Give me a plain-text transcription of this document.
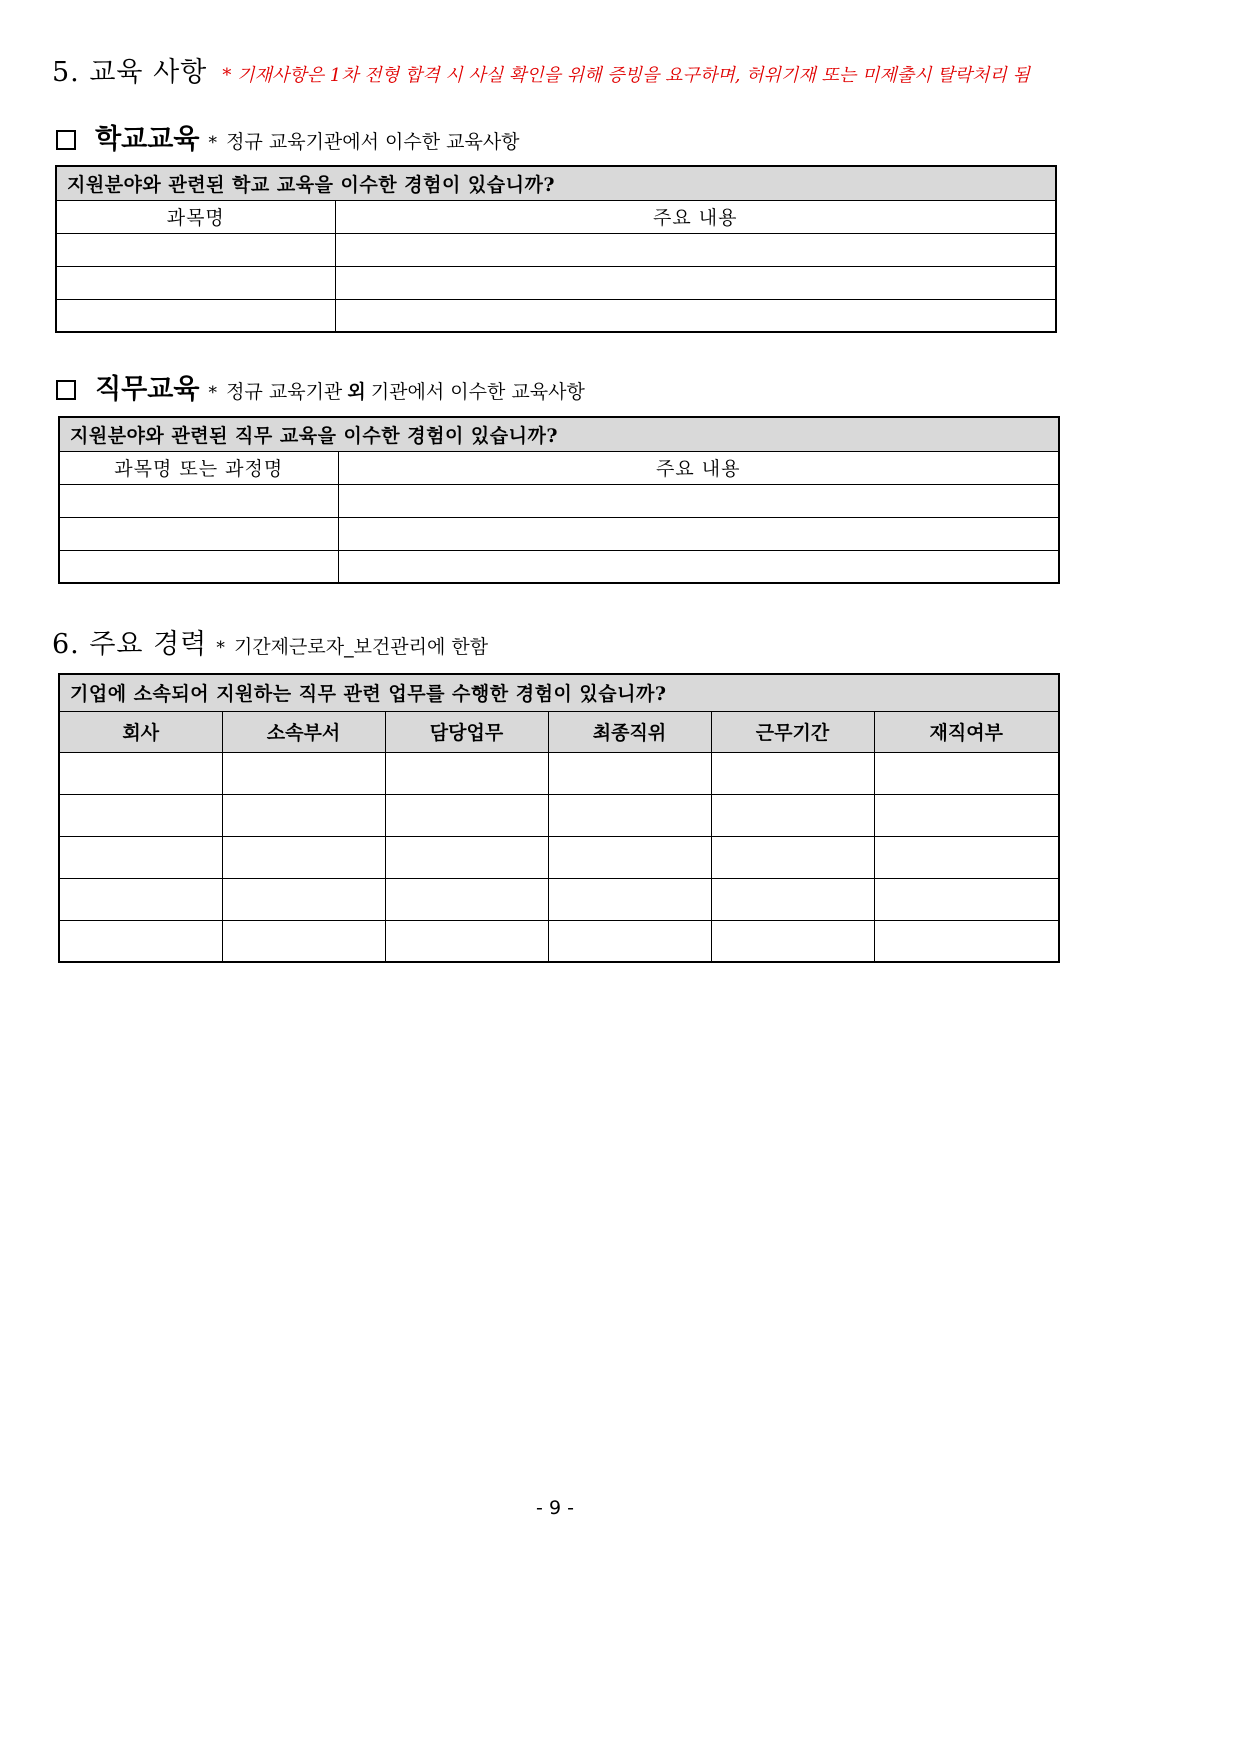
5. 교육 사항 * 기재사항은 1차 전형 합격 시 사실 확인을 위해 증빙을 요구하며, 허위기재 또는 미제출시 탈락처리 됨
학교교육 * 정규 교육기관에서 이수한 교육사항
지원분야와 관련된 학교 교육을 이수한 경험이 있습니까?	
과목명	주요 내용

직무교육 * 정규 교육기관 외 기관에서 이수한 교육사항
지원분야와 관련된 직무 교육을 이수한 경험이 있습니까?	
과목명 또는 과정명	주요 내용

6. 주요 경력 * 기간제근로자_보건관리에 한함
기업에 소속되어 지원하는 직무 관련 업무를 수행한 경험이 있습니까?					
회사	소속부서	담당업무	최종직위	근무기간	재직여부

- 9 -
